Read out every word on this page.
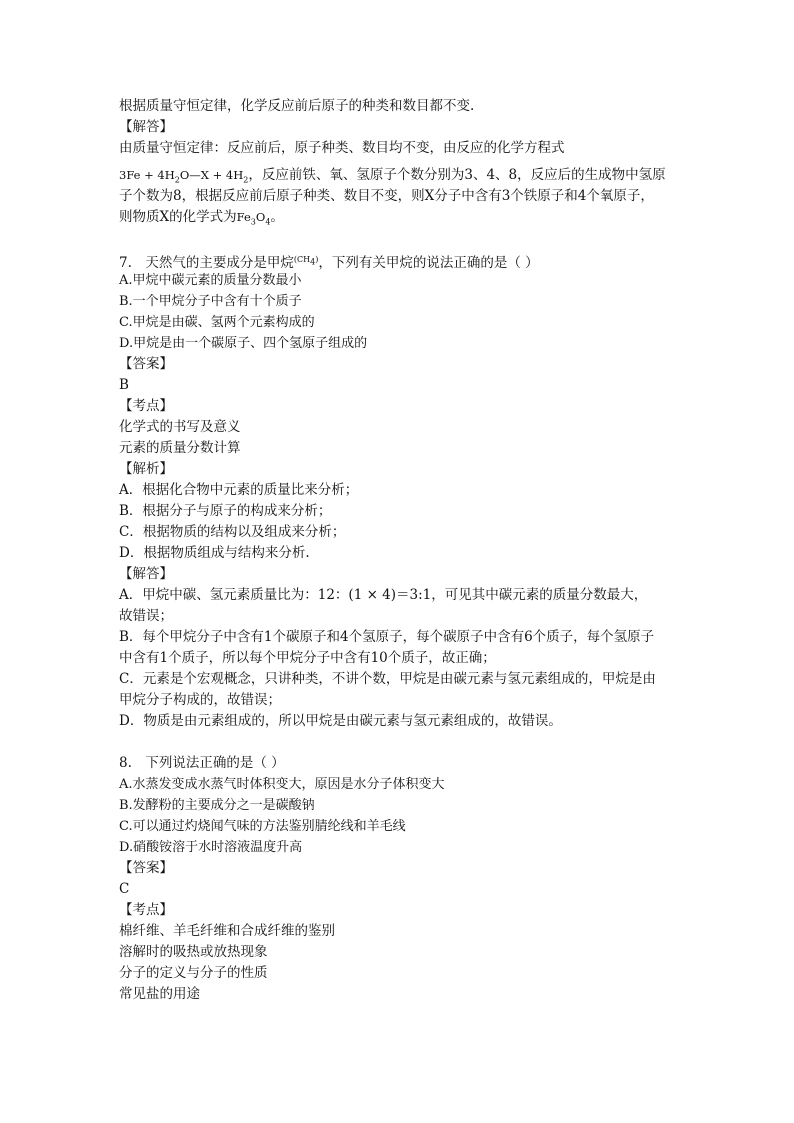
根据质量守恒定律，化学反应前后原子的种类和数目都不变.
【解答】
由质量守恒定律：反应前后，原子种类、数目均不变，由反应的化学方程式
$3Fe + 4H_2O—X + 4H_2$，反应前铁、氧、氢原子个数分别为3、4、8，反应后的生成物中氢原
子个数为8，根据反应前后原子种类、数目不变，则X分子中含有3个铁原子和4个氧原子，
则物质X的化学式为$Fe_3O_4$。
7.　天然气的主要成分是甲烷$^{(CH_4)}$，下列有关甲烷的说法正确的是（ ）
A.甲烷中碳元素的质量分数最小
B.一个甲烷分子中含有十个质子
C.甲烷是由碳、氢两个元素构成的
D.甲烷是由一个碳原子、四个氢原子组成的
【答案】
B
【考点】
化学式的书写及意义
元素的质量分数计算
【解析】
A．根据化合物中元素的质量比来分析；
B．根据分子与原子的构成来分析；
C．根据物质的结构以及组成来分析；
D．根据物质组成与结构来分析.
【解答】
A．甲烷中碳、氢元素质量比为：12：(1 × 4)＝3:1，可见其中碳元素的质量分数最大，
故错误；
B．每个甲烷分子中含有1个碳原子和4个氢原子，每个碳原子中含有6个质子，每个氢原子
中含有1个质子，所以每个甲烷分子中含有10个质子，故正确；
C．元素是个宏观概念，只讲种类，不讲个数，甲烷是由碳元素与氢元素组成的，甲烷是由
甲烷分子构成的，故错误；
D．物质是由元素组成的，所以甲烷是由碳元素与氢元素组成的，故错误。
8.　下列说法正确的是（ ）
A.水蒸发变成水蒸气时体积变大，原因是水分子体积变大
B.发酵粉的主要成分之一是碳酸钠
C.可以通过灼烧闻气味的方法鉴别腈纶线和羊毛线
D.硝酸铵溶于水时溶液温度升高
【答案】
C
【考点】
棉纤维、羊毛纤维和合成纤维的鉴别
溶解时的吸热或放热现象
分子的定义与分子的性质
常见盐的用途
